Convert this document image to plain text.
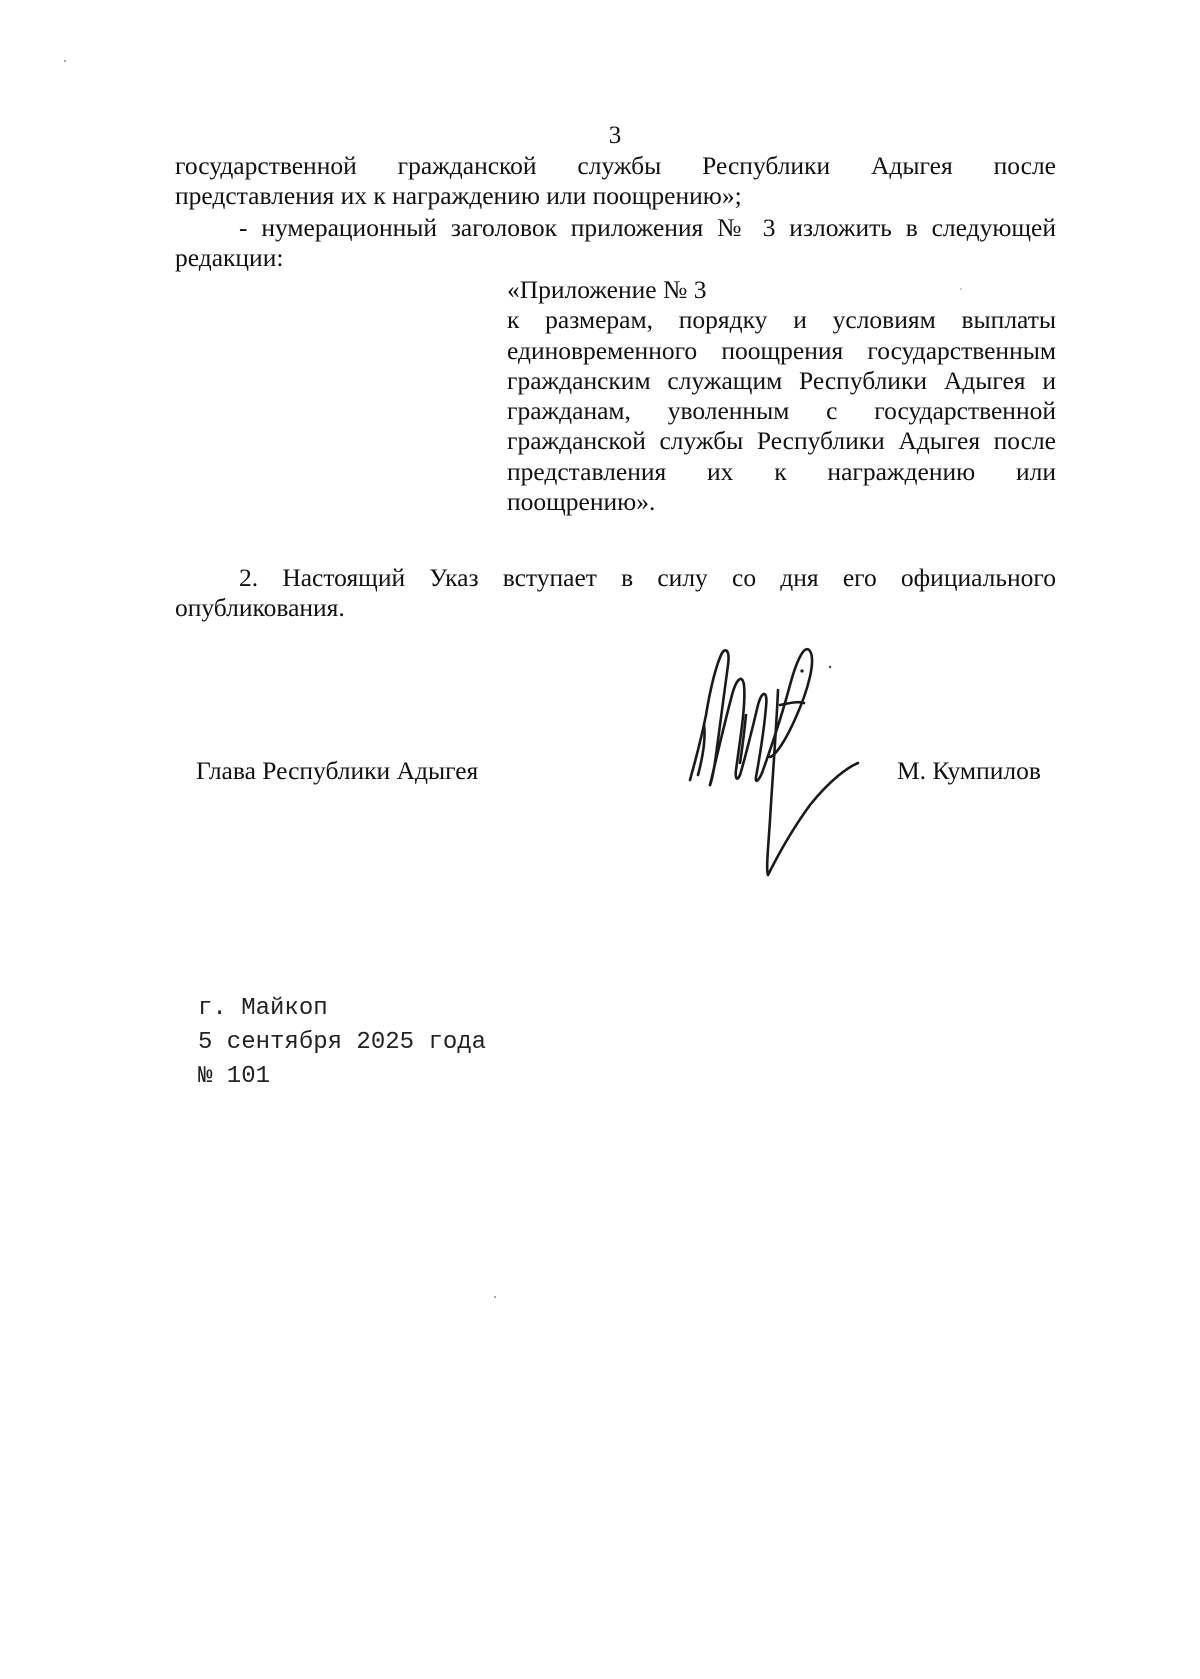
3
государственной гражданской службы Республики Адыгея после
представления их к награждению или поощрению»;
- нумерационный заголовок приложения № 3 изложить в следующей
редакции:
«Приложение № 3
к размерам, порядку и условиям выплаты
единовременного поощрения государственным
гражданским служащим Республики Адыгея и
гражданам, уволенным с государственной
гражданской службы Республики Адыгея после
представления их к награждению или
поощрению».
2. Настоящий Указ вступает в силу со дня его официального
опубликования.
Глава Республики Адыгея	М. Кумпилов
г. Майкоп
5 сентября 2025 года
№ 101
